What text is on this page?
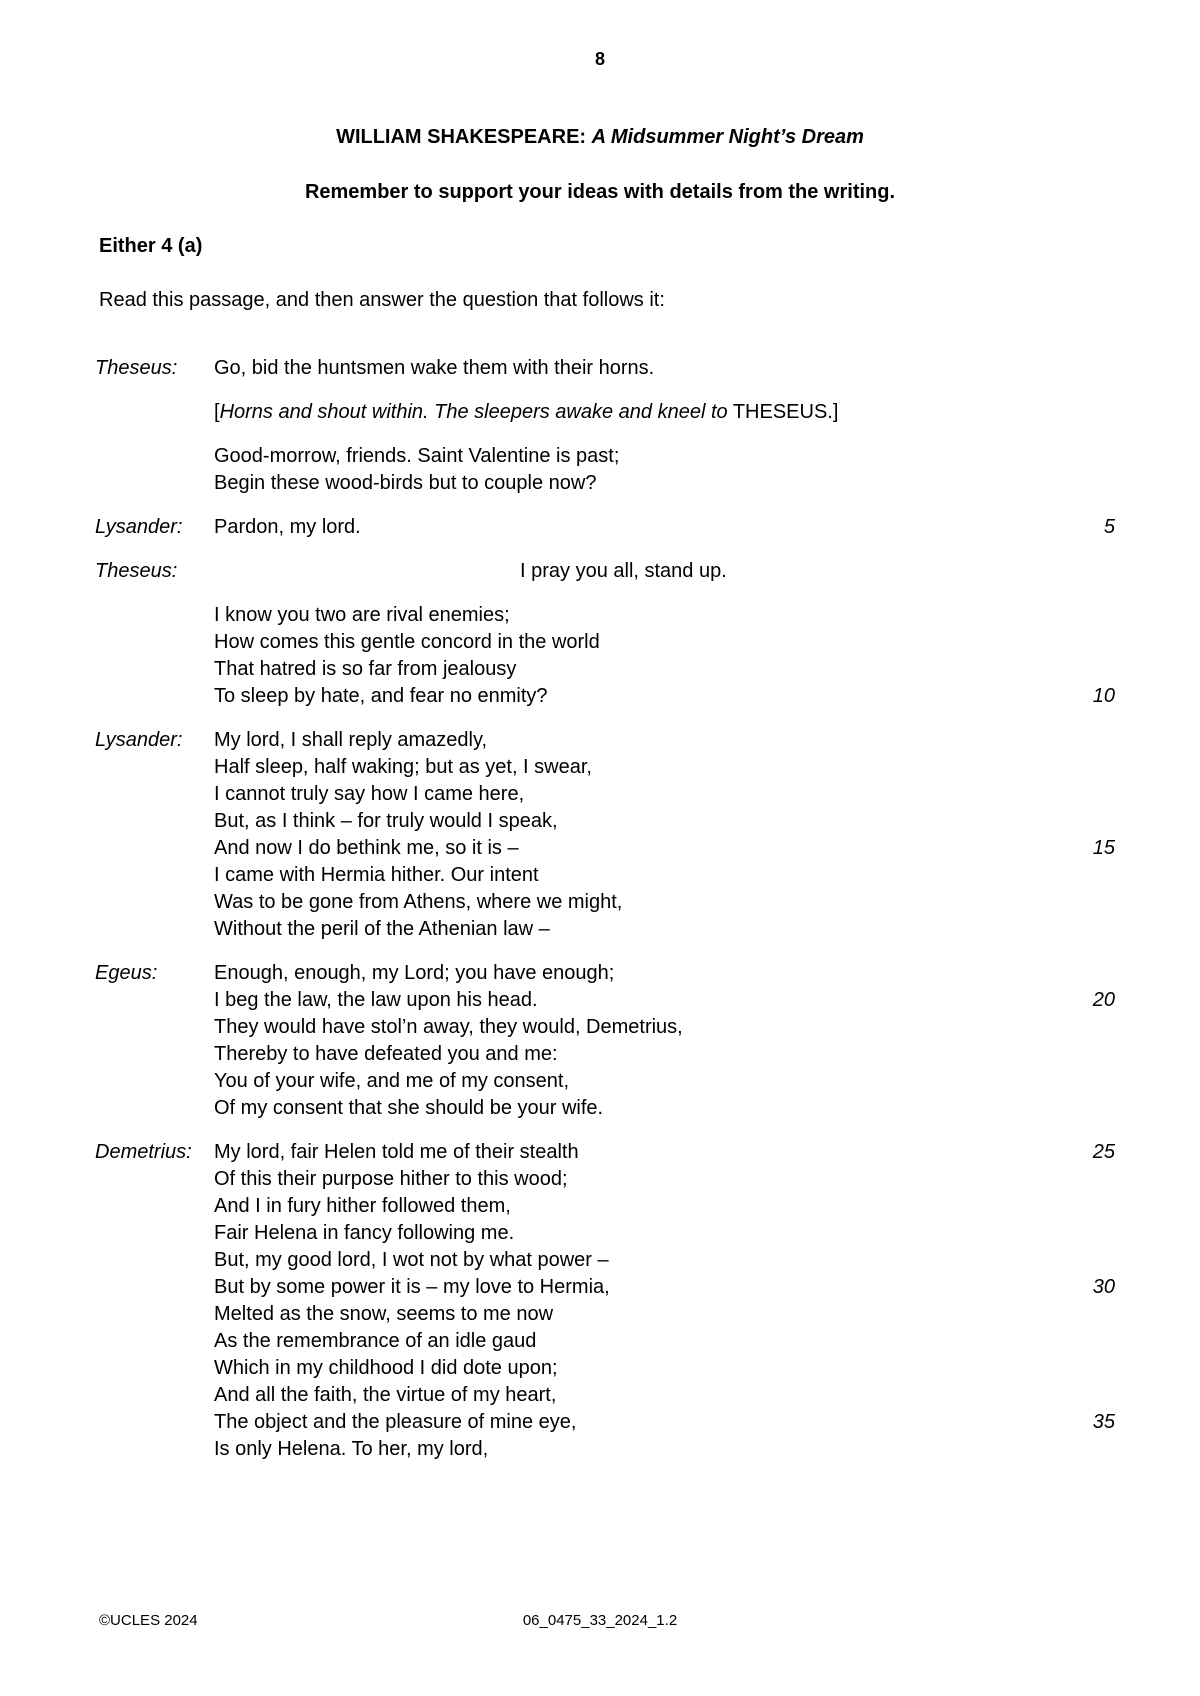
8
WILLIAM SHAKESPEARE: A Midsummer Night’s Dream
Remember to support your ideas with details from the writing.
Either 4 (a)
Read this passage, and then answer the question that follows it:
Theseus: Go, bid the huntsmen wake them with their horns.
[Horns and shout within. The sleepers awake and kneel to THESEUS.]
Good-morrow, friends. Saint Valentine is past;
Begin these wood-birds but to couple now?
Lysander: Pardon, my lord.	5
Theseus:	I pray you all, stand up.
I know you two are rival enemies;
How comes this gentle concord in the world
That hatred is so far from jealousy
To sleep by hate, and fear no enmity?	10
Lysander: My lord, I shall reply amazedly,
Half sleep, half waking; but as yet, I swear,
I cannot truly say how I came here,
But, as I think – for truly would I speak,
And now I do bethink me, so it is –	15
I came with Hermia hither. Our intent
Was to be gone from Athens, where we might,
Without the peril of the Athenian law –
Egeus:	Enough, enough, my Lord; you have enough;
I beg the law, the law upon his head.	20
They would have stol’n away, they would, Demetrius,
Thereby to have defeated you and me:
You of your wife, and me of my consent,
Of my consent that she should be your wife.
Demetrius: My lord, fair Helen told me of their stealth	25
Of this their purpose hither to this wood;
And I in fury hither followed them,
Fair Helena in fancy following me.
But, my good lord, I wot not by what power –
But by some power it is – my love to Hermia,	30
Melted as the snow, seems to me now
As the remembrance of an idle gaud
Which in my childhood I did dote upon;
And all the faith, the virtue of my heart,
The object and the pleasure of mine eye,	35
Is only Helena. To her, my lord,
©UCLES 2024	06_0475_33_2024_1.2
